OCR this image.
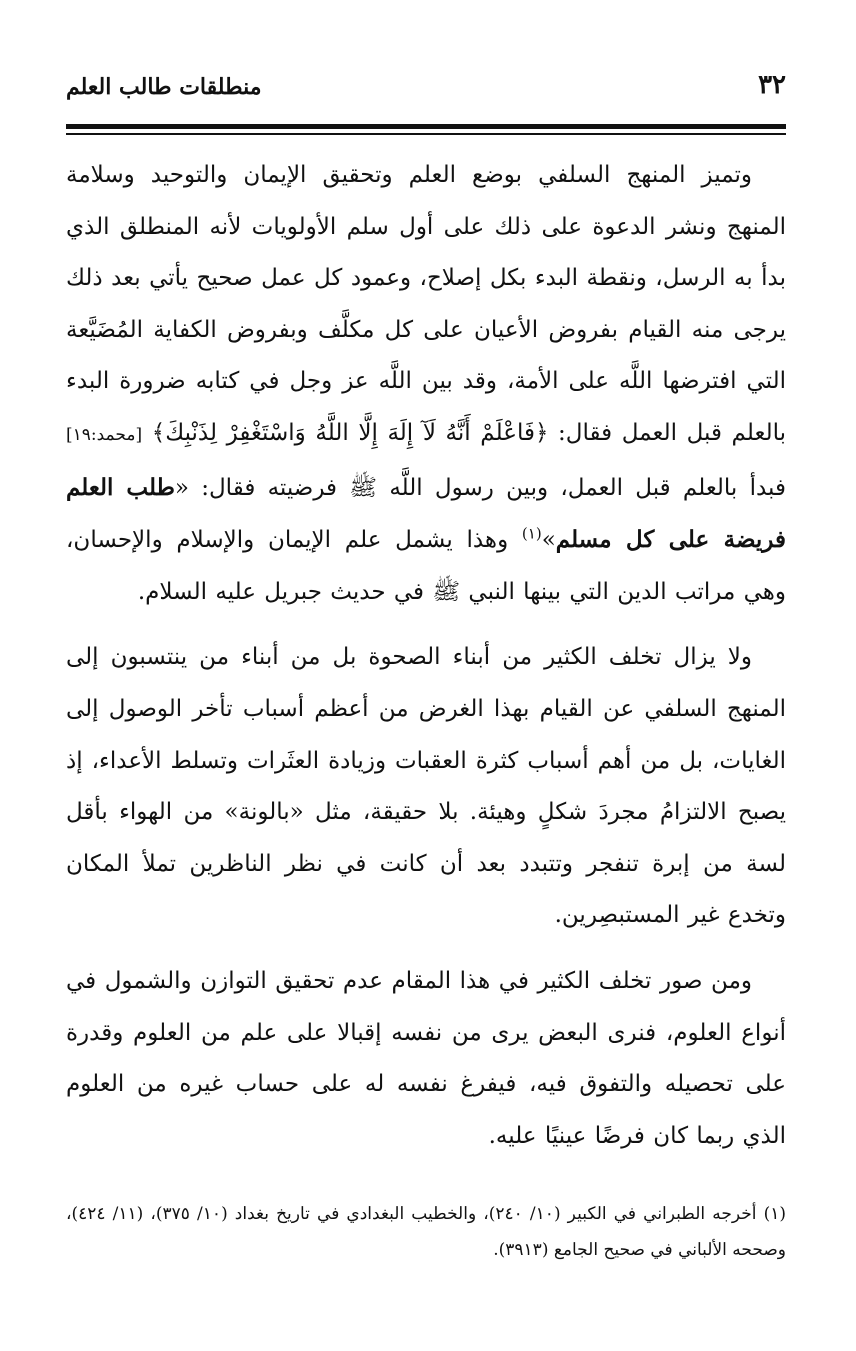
٣٢
منطلقات طالب العلم

وتميز المنهج السلفي بوضع العلم وتحقيق الإيمان والتوحيد وسلامة المنهج ونشر الدعوة على ذلك على أول سلم الأولويات لأنه المنطلق الذي بدأ به الرسل، ونقطة البدء بكل إصلاح، وعمود كل عمل صحيح يأتي بعد ذلك يرجى منه القيام بفروض الأعيان على كل مكلَّف وبفروض الكفاية المُضَيَّعة التي افترضها اللَّه على الأمة، وقد بين اللَّه عز وجل في كتابه ضرورة البدء بالعلم قبل العمل فقال: ﴿فَاعْلَمْ أَنَّهُ لَآ إِلَهَ إِلَّا اللَّهُ وَاسْتَغْفِرْ لِذَنْبِكَ﴾ [محمد:١٩] فبدأ بالعلم قبل العمل، وبين رسول اللَّه ﷺ فرضيته فقال: «طلب العلم فريضة على كل مسلم»$^{(١)}$ وهذا يشمل علم الإيمان والإسلام والإحسان، وهي مراتب الدين التي بينها النبي ﷺ في حديث جبريل عليه السلام.

ولا يزال تخلف الكثير من أبناء الصحوة بل من أبناء من ينتسبون إلى المنهج السلفي عن القيام بهذا الغرض من أعظم أسباب تأخر الوصول إلى الغايات، بل من أهم أسباب كثرة العقبات وزيادة العثَرات وتسلط الأعداء، إذ يصبح الالتزامُ مجردَ شكلٍ وهيئة. بلا حقيقة، مثل «بالونة» من الهواء بأقل لسة من إبرة تنفجر وتتبدد بعد أن كانت في نظر الناظرين تملأ المكان وتخدع غير المستبصِرين.

ومن صور تخلف الكثير في هذا المقام عدم تحقيق التوازن والشمول في أنواع العلوم، فنرى البعض يرى من نفسه إقبالا على علم من العلوم وقدرة على تحصيله والتفوق فيه، فيفرغ نفسه له على حساب غيره من العلوم الذي ربما كان فرضًا عينيًا عليه.

(١) أخرجه الطبراني في الكبير (١٠/ ٢٤٠)، والخطيب البغدادي في تاريخ بغداد (١٠/ ٣٧٥)، (١١/ ٤٢٤)، وصححه الألباني في صحيح الجامع (٣٩١٣).
